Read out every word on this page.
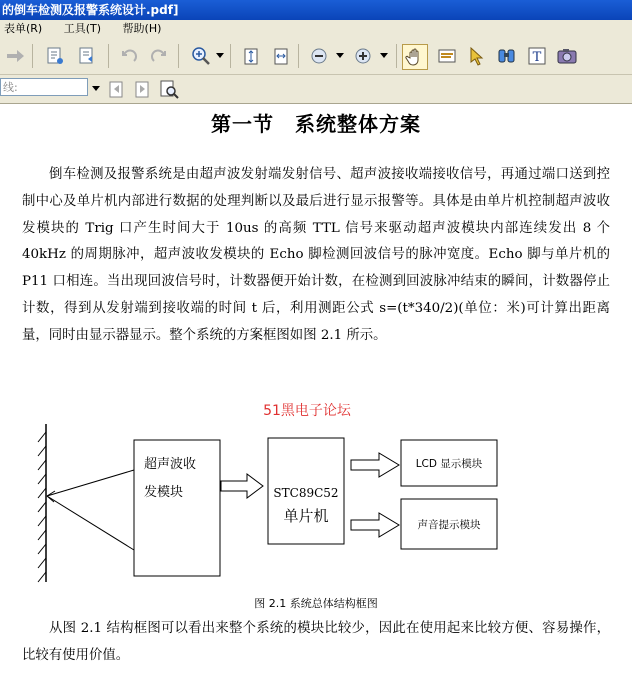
的倒车检测及报警系统设计.pdf]
表单(R) 工具(T) 帮助(H)
T
线:
第一节　系统整体方案
倒车检测及报警系统是由超声波发射端发射信号、超声波接收端接收信号，再通过端口送到控制中心及单片机内部进行数据的处理判断以及最后进行显示报警等。具体是由单片机控制超声波收发模块的 Trig 口产生时间大于 10us 的高频 TTL 信号来驱动超声波模块内部连续发出 8 个 40kHz 的周期脉冲，超声波收发模块的 Echo 脚检测回波信号的脉冲宽度。Echo 脚与单片机的 P11 口相连。当出现回波信号时，计数器便开始计数，在检测到回波脉冲结束的瞬间，计数器停止计数，得到从发射端到接收端的时间 t 后，利用测距公式 s=(t*340/2)(单位：米)可计算出距离量，同时由显示器显示。整个系统的方案框图如图 2.1 所示。
51黑电子论坛
超声波收
发模块	STC89C52
单片机
LCD 显示模块
声音提示模块
图 2.1 系统总体结构框图
从图 2.1 结构框图可以看出来整个系统的模块比较少，因此在使用起来比较方便、容易操作，比较有使用价值。
